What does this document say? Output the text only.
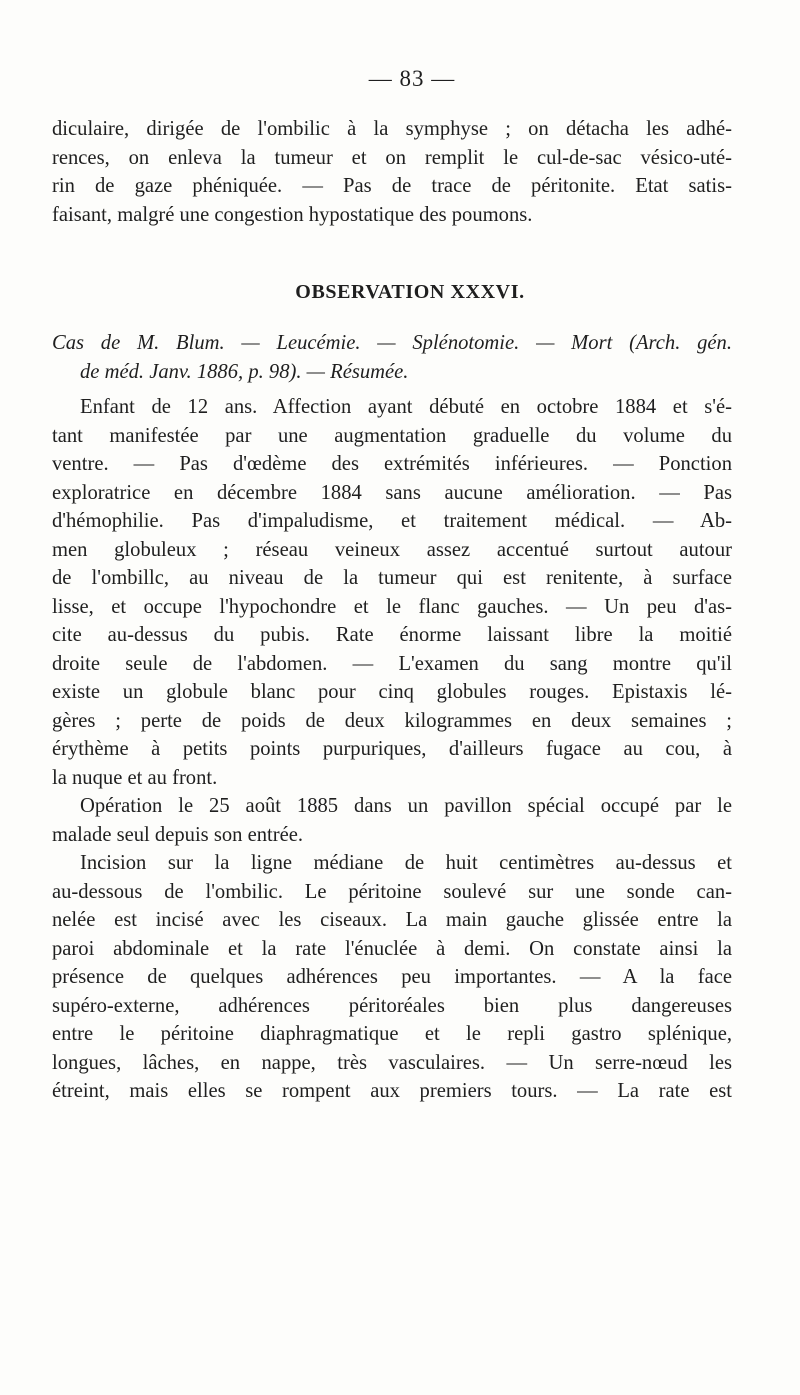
— 83 —
diculaire, dirigée de l'ombilic à la symphyse ; on détacha les adhé-
rences, on enleva la tumeur et on remplit le cul-de-sac vésico-uté-
rin de gaze phéniquée. — Pas de trace de péritonite. Etat satis-
faisant, malgré une congestion hypostatique des poumons.
OBSERVATION XXXVI.
Cas de M. Blum. — Leucémie. — Splénotomie. — Mort (Arch. gén.
de méd. Janv. 1886, p. 98). — Résumée.
Enfant de 12 ans. Affection ayant débuté en octobre 1884 et s'é-
tant manifestée par une augmentation graduelle du volume du
ventre. — Pas d'œdème des extrémités inférieures. — Ponction
exploratrice en décembre 1884 sans aucune amélioration. — Pas
d'hémophilie. Pas d'impaludisme, et traitement médical. — Ab-
men globuleux ; réseau veineux assez accentué surtout autour
de l'ombillc, au niveau de la tumeur qui est renitente, à surface
lisse, et occupe l'hypochondre et le flanc gauches. — Un peu d'as-
cite au-dessus du pubis. Rate énorme laissant libre la moitié
droite seule de l'abdomen. — L'examen du sang montre qu'il
existe un globule blanc pour cinq globules rouges. Epistaxis lé-
gères ; perte de poids de deux kilogrammes en deux semaines ;
érythème à petits points purpuriques, d'ailleurs fugace au cou, à
la nuque et au front.
Opération le 25 août 1885 dans un pavillon spécial occupé par le
malade seul depuis son entrée.
Incision sur la ligne médiane de huit centimètres au-dessus et
au-dessous de l'ombilic. Le péritoine soulevé sur une sonde can-
nelée est incisé avec les ciseaux. La main gauche glissée entre la
paroi abdominale et la rate l'énuclée à demi. On constate ainsi la
présence de quelques adhérences peu importantes. — A la face
supéro-externe, adhérences péritoréales bien plus dangereuses
entre le péritoine diaphragmatique et le repli gastro splénique,
longues, lâches, en nappe, très vasculaires. — Un serre-nœud les
étreint, mais elles se rompent aux premiers tours. — La rate est
